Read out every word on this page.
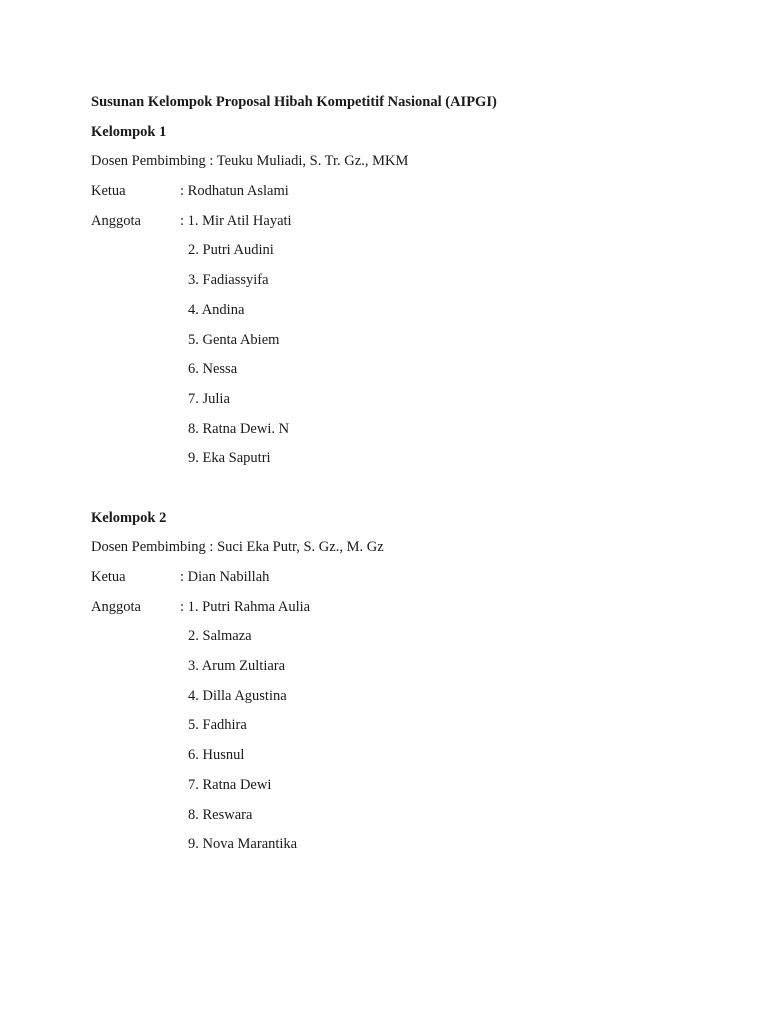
Susunan Kelompok Proposal Hibah Kompetitif Nasional (AIPGI)
Kelompok 1
Dosen Pembimbing : Teuku Muliadi, S. Tr. Gz., MKM
Ketua	: Rodhatun Aslami
Anggota	: 1. Mir Atil Hayati
2. Putri Audini
3. Fadiassyifa
4. Andina
5. Genta Abiem
6. Nessa
7. Julia
8. Ratna Dewi. N
9. Eka Saputri
Kelompok 2
Dosen Pembimbing : Suci Eka Putr, S. Gz., M. Gz
Ketua	: Dian Nabillah
Anggota	: 1. Putri Rahma Aulia
2. Salmaza
3. Arum Zultiara
4. Dilla Agustina
5. Fadhira
6. Husnul
7. Ratna Dewi
8. Reswara
9. Nova Marantika
